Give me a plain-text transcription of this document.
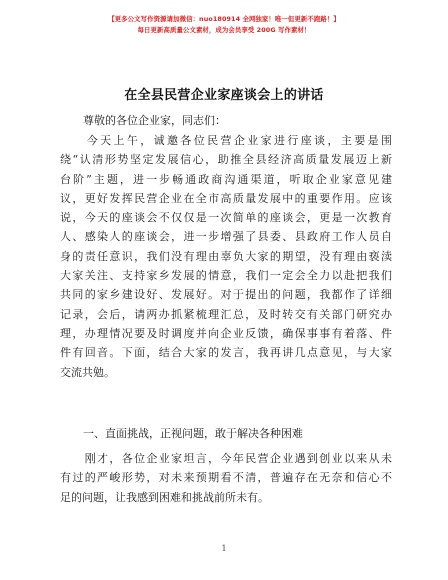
【更多公文写作资源请加微信：nuo180914 全网独家！唯一但更新不跑路！】
每日更新高质量公文素材，成为会员享受 200G 写作素材！
在全县民营企业家座谈会上的讲话
尊敬的各位企业家，同志们：
　　今天上午，诚邀各位民营企业家进行座谈，主要是围
绕“认清形势坚定发展信心，助推全县经济高质量发展迈上新
台阶”主题，进一步畅通政商沟通渠道，听取企业家意见建
议，更好发挥民营企业在全市高质量发展中的重要作用。应该
说，今天的座谈会不仅仅是一次简单的座谈会，更是一次教育
人、感染人的座谈会，进一步增强了县委、县政府工作人员自
身的责任意识，我们没有理由辜负大家的期望，没有理由亵渎
大家关注、支持家乡发展的情意，我们一定会全力以赴把我们
共同的家乡建设好、发展好。对于提出的问题，我都作了详细
记录，会后，请两办抓紧梳理汇总，及时转交有关部门研究办
理，办理情况要及时调度并向企业反馈，确保事事有着落、件
件有回音。下面，结合大家的发言，我再讲几点意见，与大家
交流共勉。
一、直面挑战，正视问题，敢于解决各种困难
　　刚才，各位企业家坦言，今年民营企业遇到创业以来从未
有过的严峻形势，对未来预期看不清，普遍存在无奈和信心不
足的问题，让我感到困难和挑战前所未有。
1
